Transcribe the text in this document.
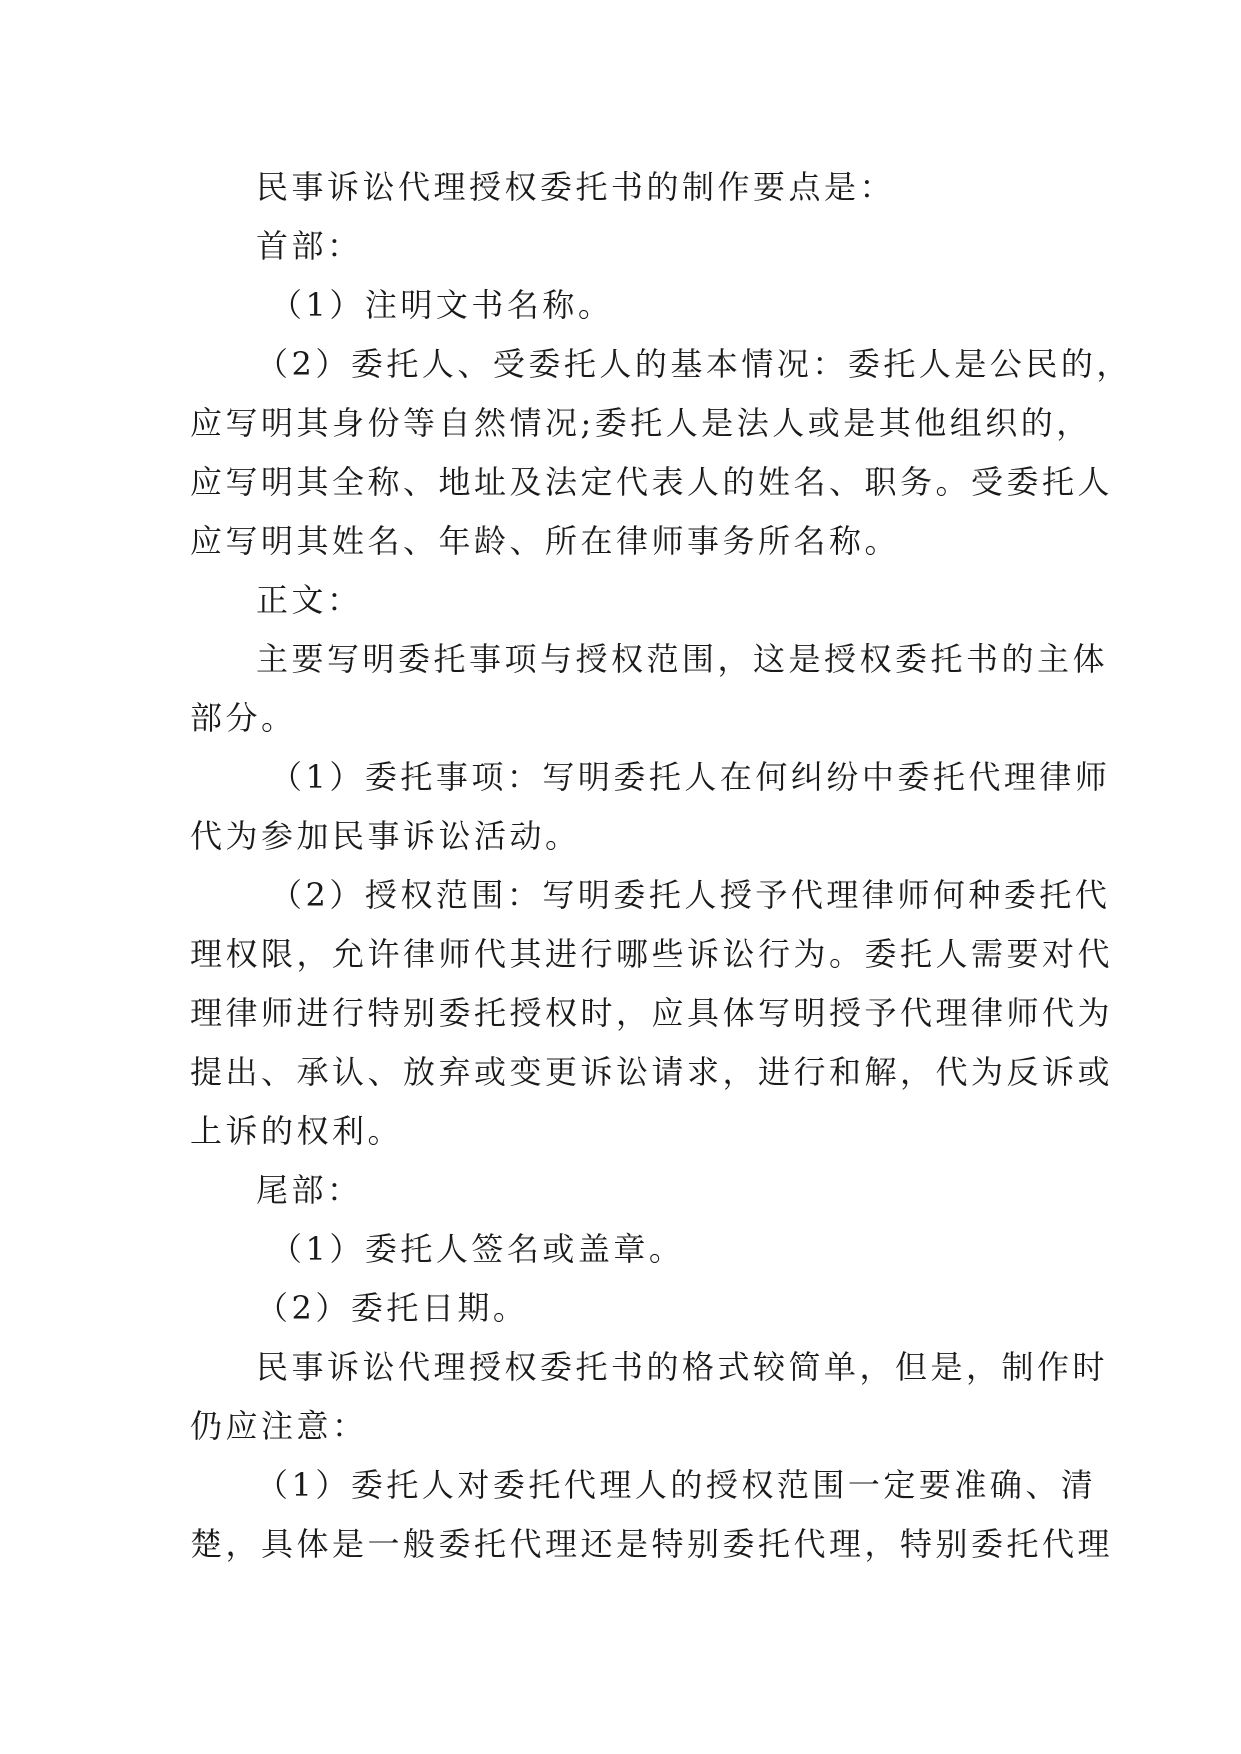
民事诉讼代理授权委托书的制作要点是：
首部：
（1）注明文书名称。
（2）委托人、受委托人的基本情况：委托人是公民的，
应写明其身份等自然情况;委托人是法人或是其他组织的，
应写明其全称、地址及法定代表人的姓名、职务。受委托人
应写明其姓名、年龄、所在律师事务所名称。
正文：
主要写明委托事项与授权范围，这是授权委托书的主体
部分。
（1）委托事项：写明委托人在何纠纷中委托代理律师
代为参加民事诉讼活动。
（2）授权范围：写明委托人授予代理律师何种委托代
理权限，允许律师代其进行哪些诉讼行为。委托人需要对代
理律师进行特别委托授权时，应具体写明授予代理律师代为
提出、承认、放弃或变更诉讼请求，进行和解，代为反诉或
上诉的权利。
尾部：
（1）委托人签名或盖章。
（2）委托日期。
民事诉讼代理授权委托书的格式较简单，但是，制作时
仍应注意：
（1）委托人对委托代理人的授权范围一定要准确、清
楚，具体是一般委托代理还是特别委托代理，特别委托代理
